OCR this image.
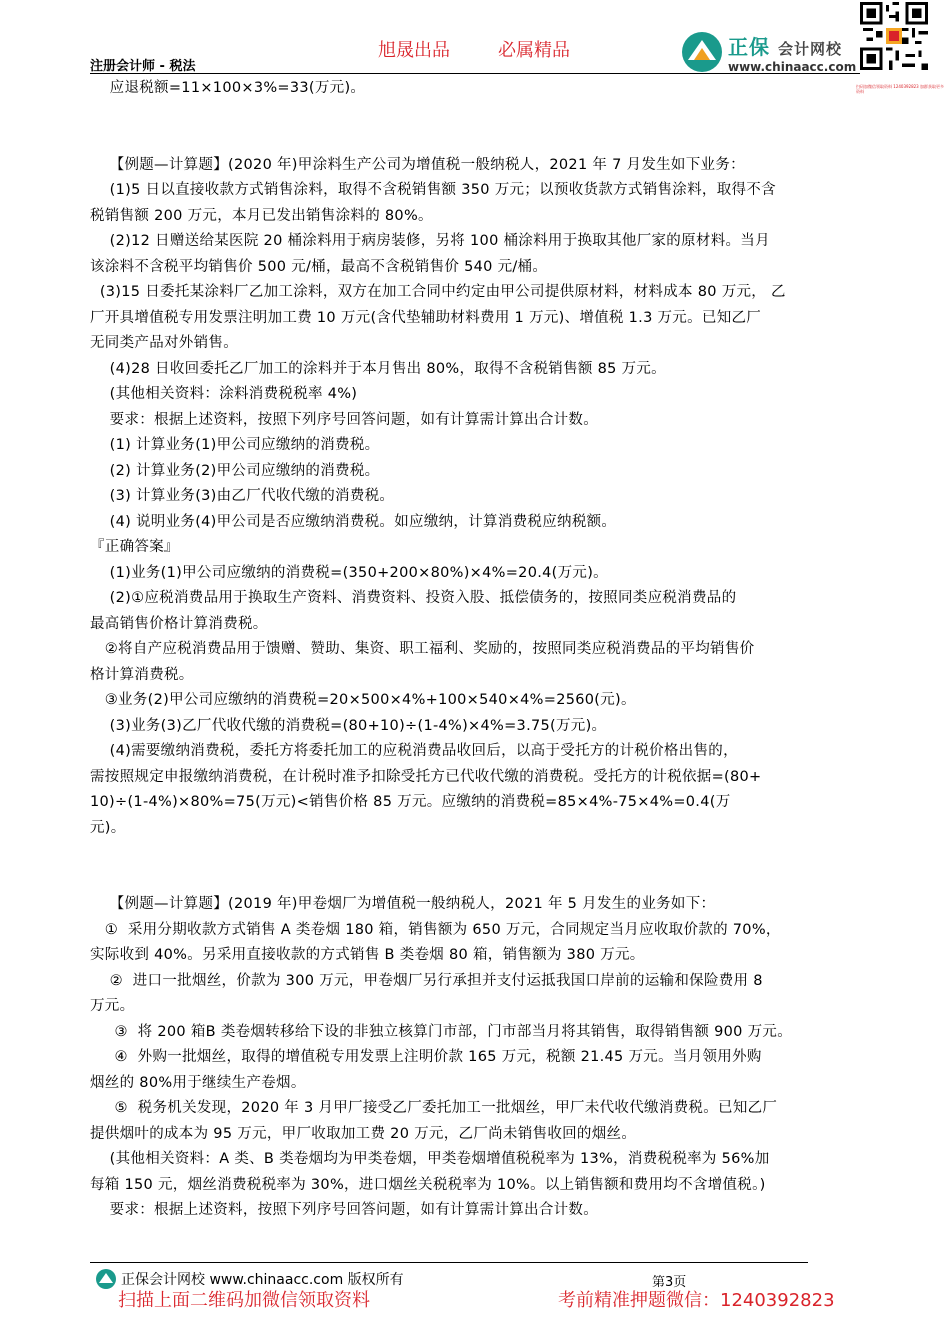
旭晟出品	必属精品
注册会计师 - 税法
正保 会计网校
www.chinaacc.com
扫码加微信领取资料 1240392823 加群获取更多资料

应退税额=11×100×3%=33(万元)。

【例题—计算题】(2020 年)甲涂料生产公司为增值税一般纳税人，2021 年 7 月发生如下业务：

(1)5 日以直接收款方式销售涂料，取得不含税销售额 350 万元；以预收货款方式销售涂料，取得不含

税销售额 200 万元，本月已发出销售涂料的 80%。

(2)12 日赠送给某医院 20 桶涂料用于病房装修，另将 100 桶涂料用于换取其他厂家的原材料。当月

该涂料不含税平均销售价 500 元/桶，最高不含税销售价 540 元/桶。

(3)15 日委托某涂料厂乙加工涂料，双方在加工合同中约定由甲公司提供原材料，材料成本 80 万元， 乙

厂开具增值税专用发票注明加工费 10 万元(含代垫辅助材料费用 1 万元)、增值税 1.3 万元。已知乙厂

无同类产品对外销售。

(4)28 日收回委托乙厂加工的涂料并于本月售出 80%，取得不含税销售额 85 万元。

(其他相关资料：涂料消费税税率 4%)

要求：根据上述资料，按照下列序号回答问题，如有计算需计算出合计数。

(1) 计算业务(1)甲公司应缴纳的消费税。

(2) 计算业务(2)甲公司应缴纳的消费税。

(3) 计算业务(3)由乙厂代收代缴的消费税。

(4) 说明业务(4)甲公司是否应缴纳消费税。如应缴纳，计算消费税应纳税额。

『正确答案』

(1)业务(1)甲公司应缴纳的消费税=(350+200×80%)×4%=20.4(万元)。

(2)①应税消费品用于换取生产资料、消费资料、投资入股、抵偿债务的，按照同类应税消费品的

最高销售价格计算消费税。

②将自产应税消费品用于馈赠、赞助、集资、职工福利、奖励的，按照同类应税消费品的平均销售价

格计算消费税。

③业务(2)甲公司应缴纳的消费税=20×500×4%+100×540×4%=2560(元)。

(3)业务(3)乙厂代收代缴的消费税=(80+10)÷(1-4%)×4%=3.75(万元)。

(4)需要缴纳消费税，委托方将委托加工的应税消费品收回后，以高于受托方的计税价格出售的，

需按照规定申报缴纳消费税，在计税时准予扣除受托方已代收代缴的消费税。受托方的计税依据=(80+

10)÷(1-4%)×80%=75(万元)<销售价格 85 万元。应缴纳的消费税=85×4%-75×4%=0.4(万

元)。

【例题—计算题】(2019 年)甲卷烟厂为增值税一般纳税人，2021 年 5 月发生的业务如下：

①  采用分期收款方式销售 A 类卷烟 180 箱，销售额为 650 万元，合同规定当月应收取价款的 70%，

实际收到 40%。另采用直接收款的方式销售 B 类卷烟 80 箱，销售额为 380 万元。

②  进口一批烟丝，价款为 300 万元，甲卷烟厂另行承担并支付运抵我国口岸前的运输和保险费用 8

万元。

③  将 200 箱B 类卷烟转移给下设的非独立核算门市部，门市部当月将其销售，取得销售额 900 万元。

④  外购一批烟丝，取得的增值税专用发票上注明价款 165 万元，税额 21.45 万元。当月领用外购

烟丝的 80%用于继续生产卷烟。

⑤  税务机关发现，2020 年 3 月甲厂接受乙厂委托加工一批烟丝，甲厂未代收代缴消费税。已知乙厂

提供烟叶的成本为 95 万元，甲厂收取加工费 20 万元，乙厂尚未销售收回的烟丝。

(其他相关资料：A 类、B 类卷烟均为甲类卷烟，甲类卷烟增值税税率为 13%，消费税税率为 56%加

每箱 150 元，烟丝消费税税率为 30%，进口烟丝关税税率为 10%。以上销售额和费用均不含增值税。)

要求：根据上述资料，按照下列序号回答问题，如有计算需计算出合计数。

正保会计网校 www.chinaacc.com 版权所有	第3页
扫描上面二维码加微信领取资料	考前精准押题微信：1240392823
